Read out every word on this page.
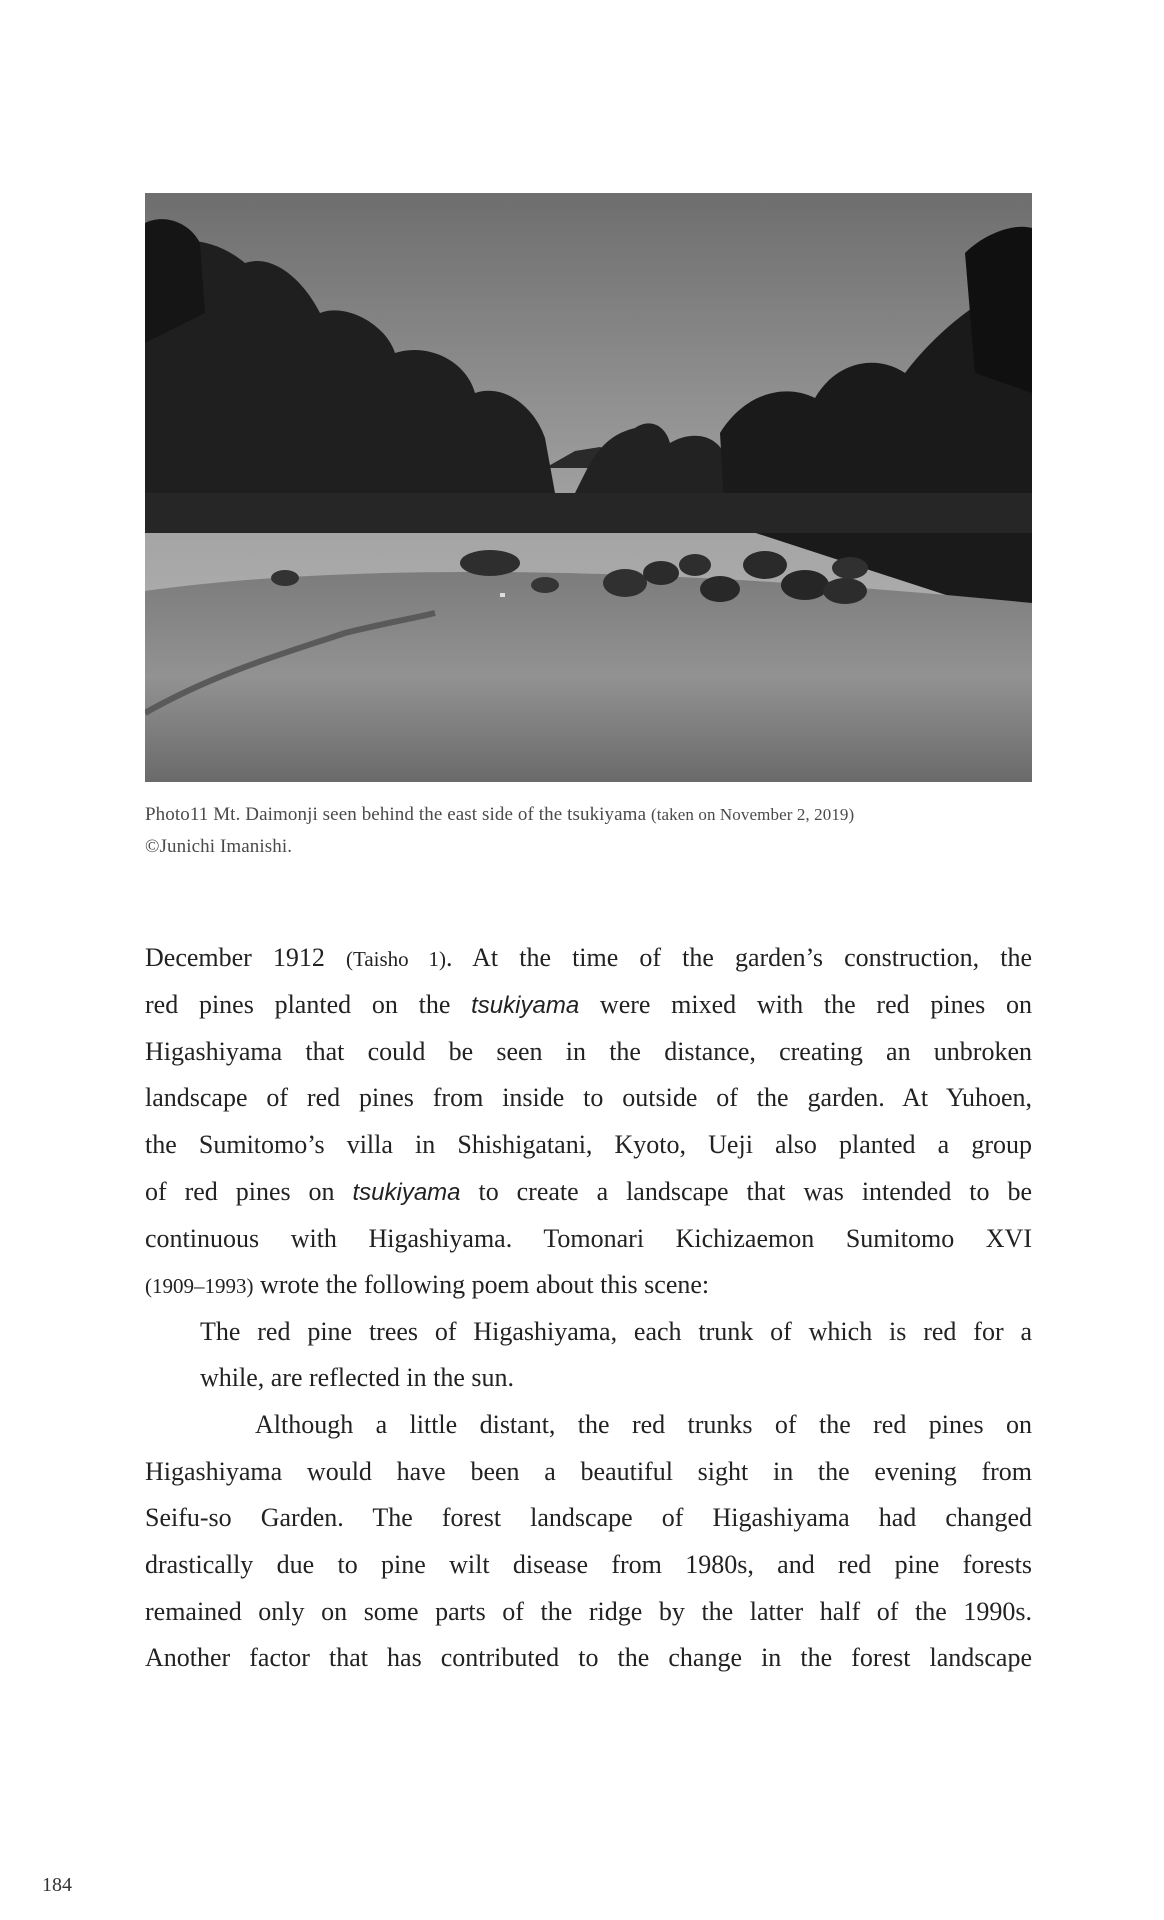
Photo11 Mt. Daimonji seen behind the east side of the tsukiyama (taken on November 2, 2019)
©Junichi Imanishi.
December 1912 (Taisho 1). At the time of the garden’s construction, the
red pines planted on the tsukiyama were mixed with the red pines on
Higashiyama that could be seen in the distance, creating an unbroken
landscape of red pines from inside to outside of the garden. At Yuhoen,
the Sumitomo’s villa in Shishigatani, Kyoto, Ueji also planted a group
of red pines on tsukiyama to create a landscape that was intended to be
continuous with Higashiyama. Tomonari Kichizaemon Sumitomo XVI
(1909–1993) wrote the following poem about this scene:
The red pine trees of Higashiyama, each trunk of which is red for a
while, are reflected in the sun.
Although a little distant, the red trunks of the red pines on
Higashiyama would have been a beautiful sight in the evening from
Seifu-so Garden. The forest landscape of Higashiyama had changed
drastically due to pine wilt disease from 1980s, and red pine forests
remained only on some parts of the ridge by the latter half of the 1990s.
Another factor that has contributed to the change in the forest landscape
184
